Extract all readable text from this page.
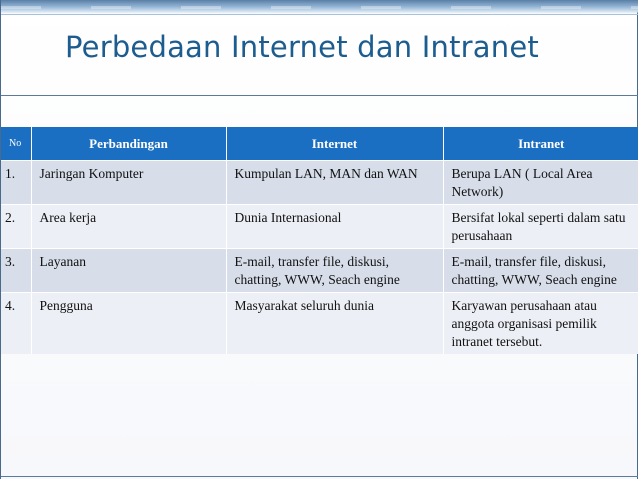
Perbedaan Internet dan Intranet
No	Perbandingan	Internet	Intranet
1.	Jaringan Komputer	Kumpulan LAN, MAN dan WAN	Berupa LAN ( Local Area Network)
2.	Area kerja	Dunia Internasional	Bersifat lokal seperti dalam satu perusahaan
3.	Layanan	E-mail, transfer file, diskusi, chatting, WWW, Seach engine	E-mail, transfer file, diskusi, chatting, WWW, Seach engine
4.	Pengguna	Masyarakat seluruh dunia	Karyawan perusahaan atau anggota organisasi pemilik intranet tersebut.
